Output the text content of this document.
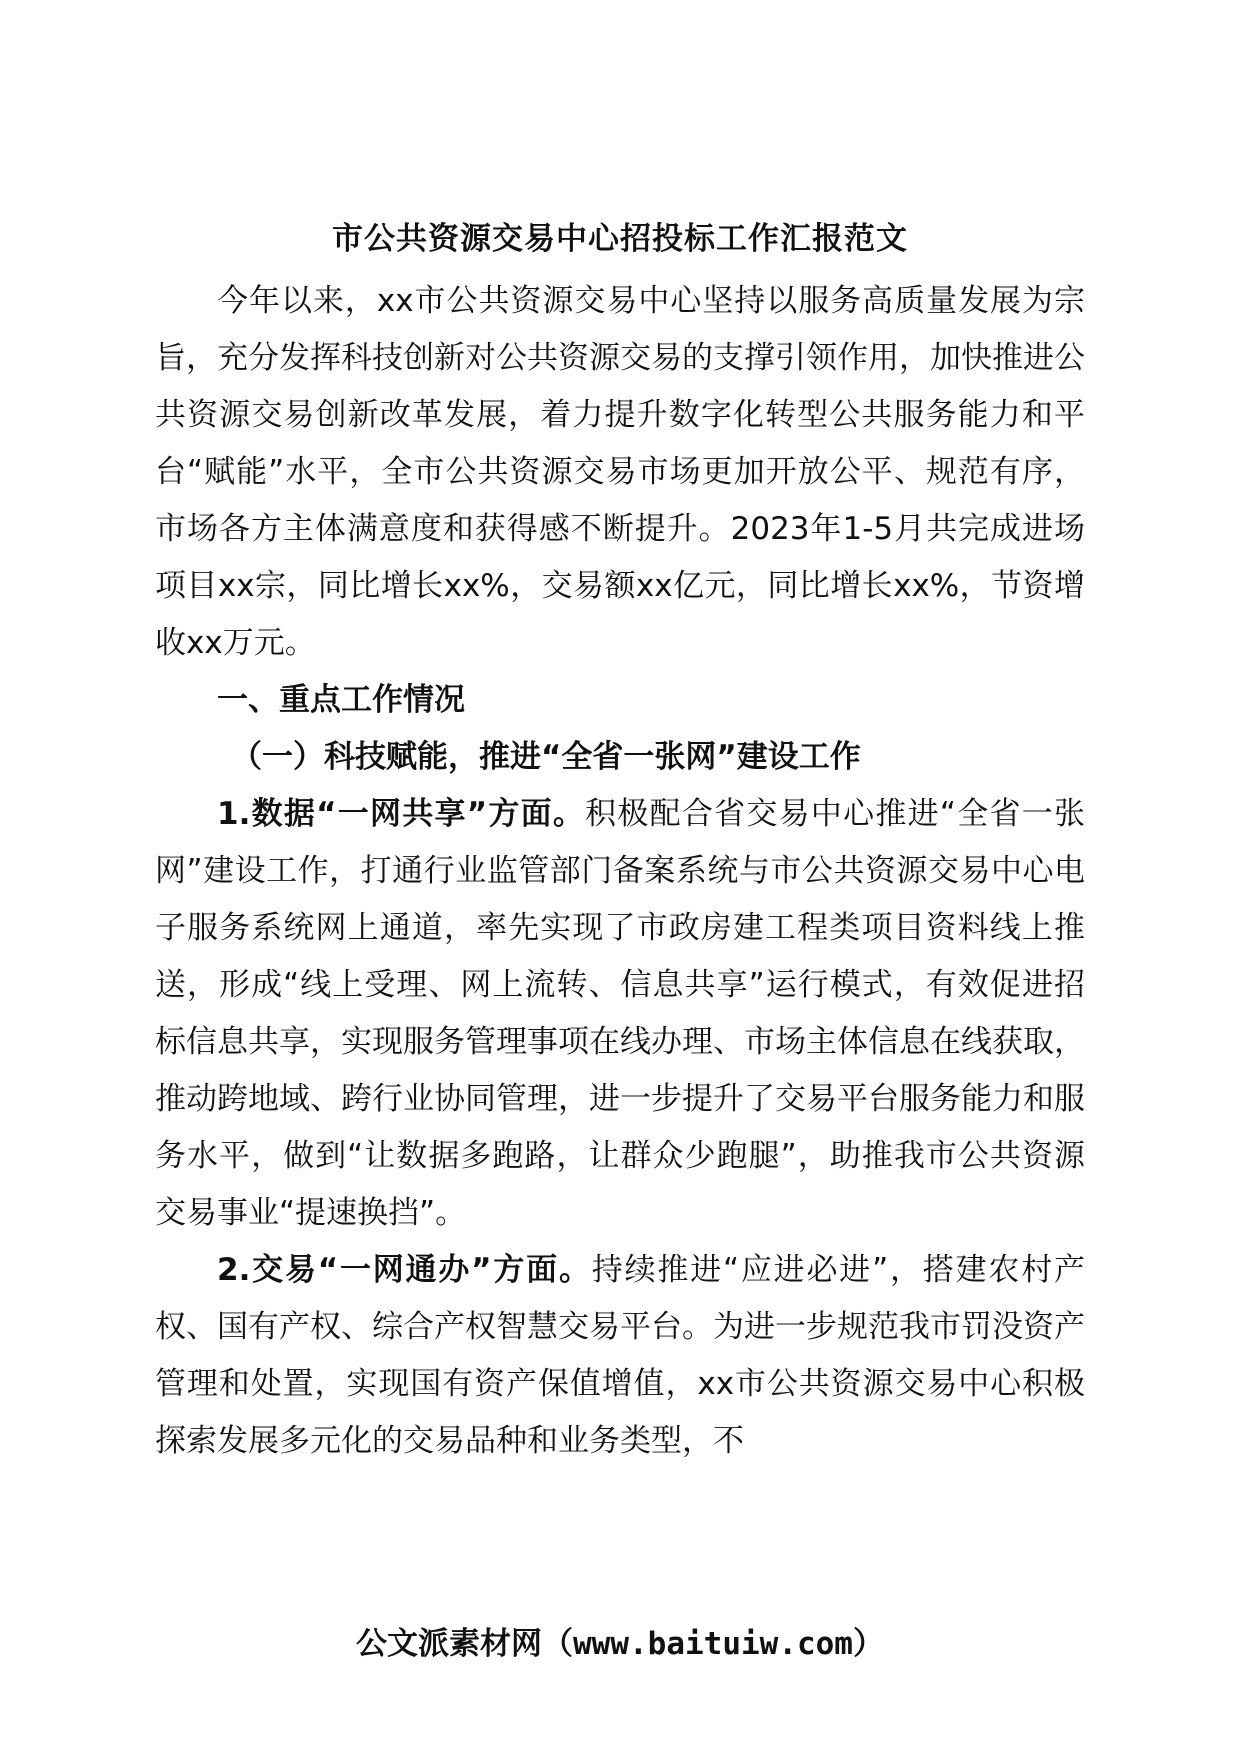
市公共资源交易中心招投标工作汇报范文

今年以来，xx市公共资源交易中心坚持以服务高质量发展为宗旨，充分发挥科技创新对公共资源交易的支撑引领作用，加快推进公共资源交易创新改革发展，着力提升数字化转型公共服务能力和平台“赋能”水平，全市公共资源交易市场更加开放公平、规范有序，市场各方主体满意度和获得感不断提升。2023年1-5月共完成进场项目xx宗，同比增长xx%，交易额xx亿元，同比增长xx%，节资增收xx万元。

一、重点工作情况

（一）科技赋能，推进“全省一张网”建设工作

1.数据“一网共享”方面。积极配合省交易中心推进“全省一张网”建设工作，打通行业监管部门备案系统与市公共资源交易中心电子服务系统网上通道，率先实现了市政房建工程类项目资料线上推送，形成“线上受理、网上流转、信息共享”运行模式，有效促进招标信息共享，实现服务管理事项在线办理、市场主体信息在线获取，推动跨地域、跨行业协同管理，进一步提升了交易平台服务能力和服务水平，做到“让数据多跑路，让群众少跑腿”，助推我市公共资源交易事业“提速换挡”。

2.交易“一网通办”方面。持续推进“应进必进”，搭建农村产权、国有产权、综合产权智慧交易平台。为进一步规范我市罚没资产管理和处置，实现国有资产保值增值，xx市公共资源交易中心积极探索发展多元化的交易品种和业务类型，不

公文派素材网（www.baituiw.com）
